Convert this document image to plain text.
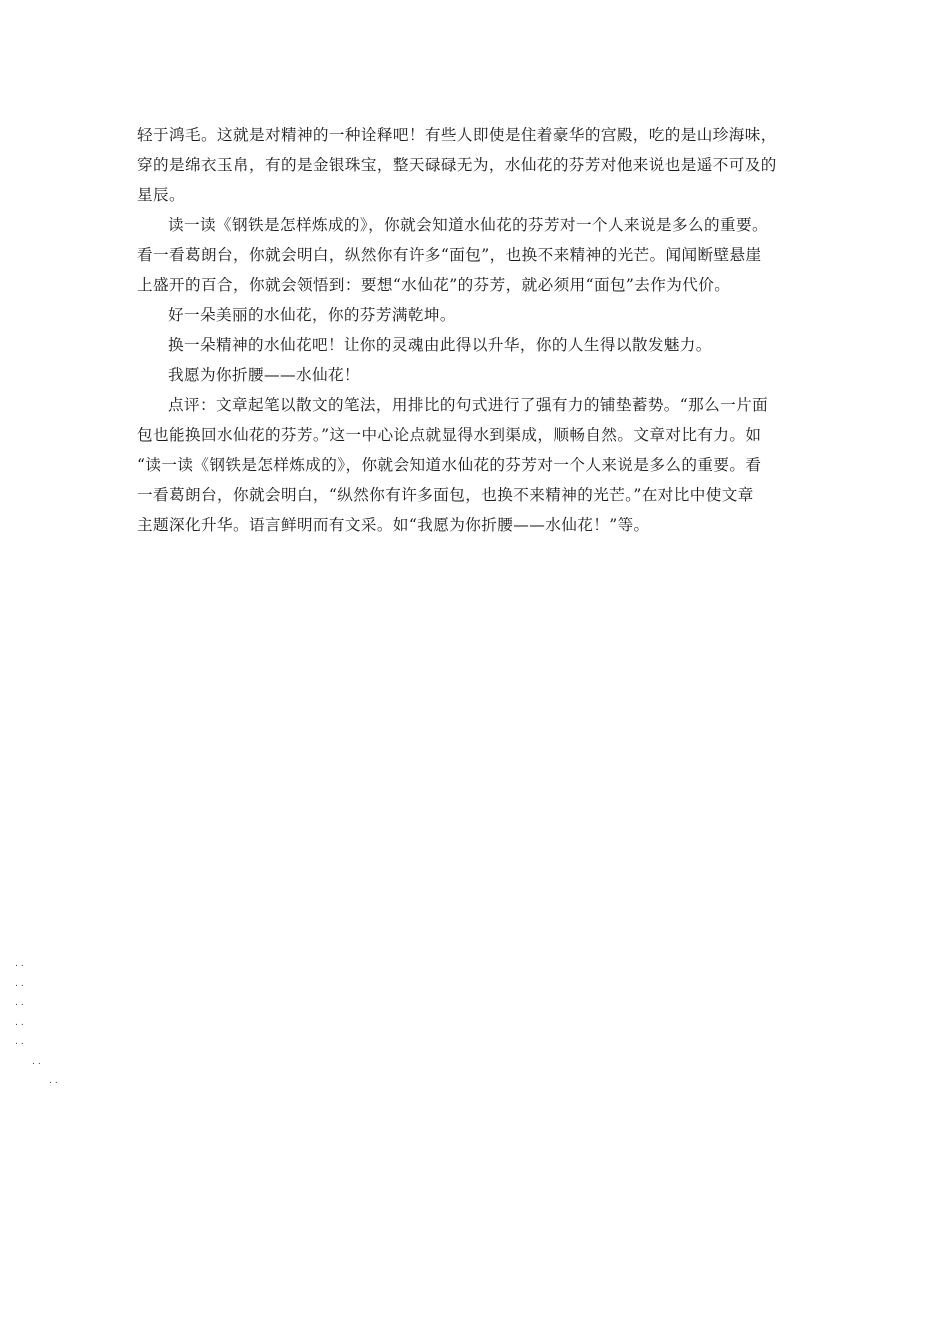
轻于鸿毛。这就是对精神的一种诠释吧！有些人即使是住着豪华的宫殿，吃的是山珍海味，
穿的是绵衣玉帛，有的是金银珠宝，整天碌碌无为，水仙花的芬芳对他来说也是遥不可及的
星辰。
读一读《钢铁是怎样炼成的》，你就会知道水仙花的芬芳对一个人来说是多么的重要。
看一看葛朗台，你就会明白，纵然你有许多“面包”，也换不来精神的光芒。闻闻断壁悬崖
上盛开的百合，你就会领悟到：要想“水仙花”的芬芳，就必须用“面包”去作为代价。
好一朵美丽的水仙花，你的芬芳满乾坤。
换一朵精神的水仙花吧！让你的灵魂由此得以升华，你的人生得以散发魅力。
我愿为你折腰——水仙花！
点评：文章起笔以散文的笔法，用排比的句式进行了强有力的铺垫蓄势。“那么一片面
包也能换回水仙花的芬芳。”这一中心论点就显得水到渠成，顺畅自然。文章对比有力。如
“读一读《钢铁是怎样炼成的》，你就会知道水仙花的芬芳对一个人来说是多么的重要。看
一看葛朗台，你就会明白，“纵然你有许多面包，也换不来精神的光芒。”在对比中使文章
主题深化升华。语言鲜明而有文采。如“我愿为你折腰——水仙花！”等。
..
..
..
..
..
..
..
